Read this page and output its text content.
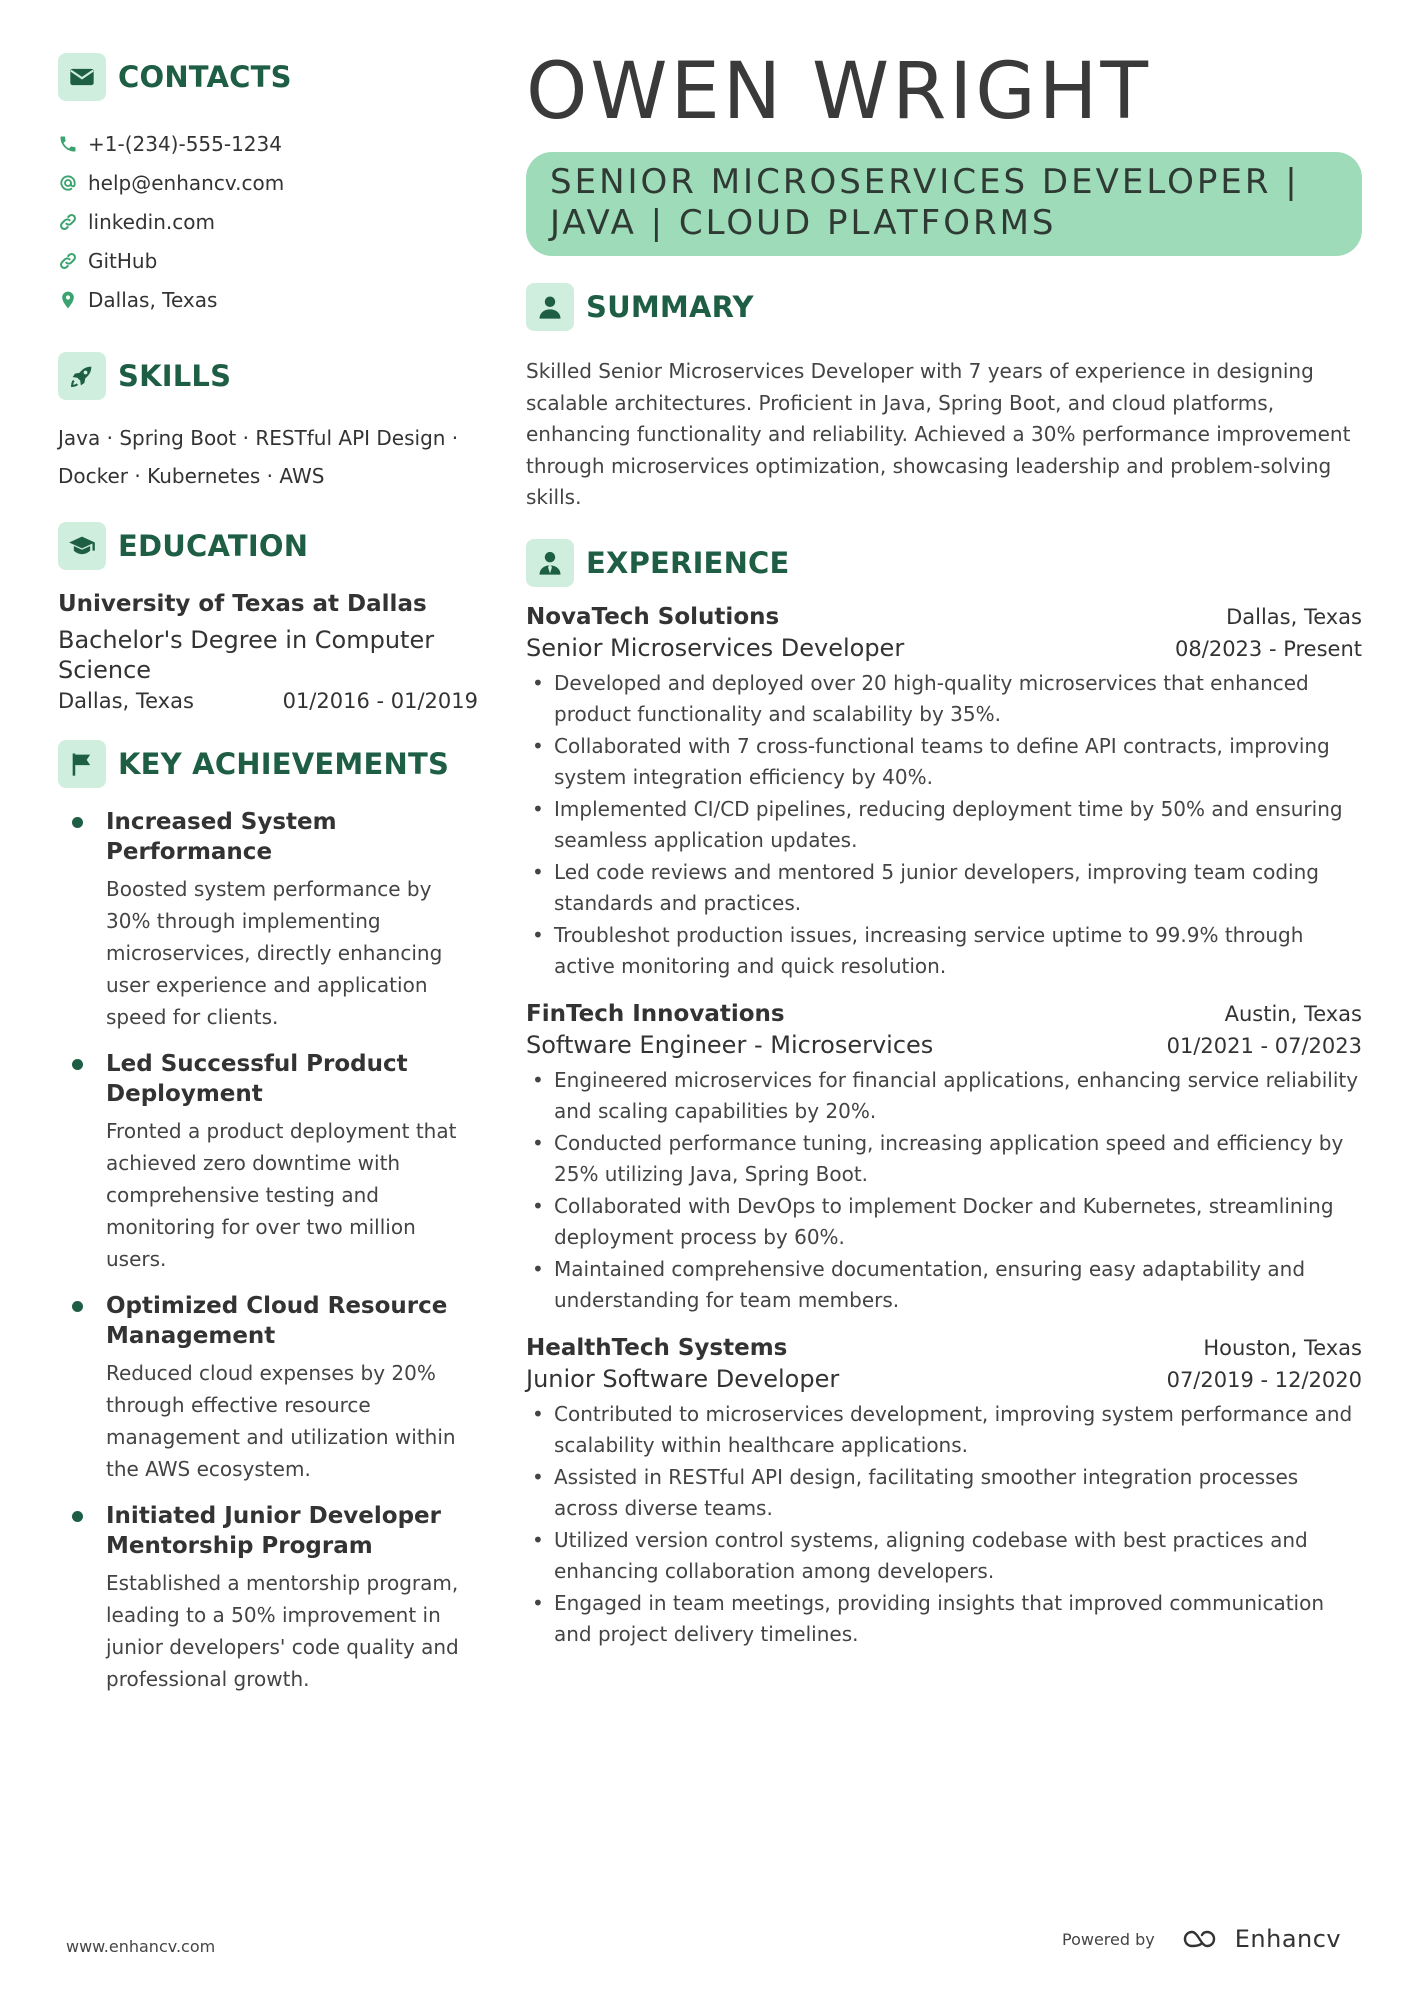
CONTACTS
+1-(234)-555-1234
help@enhancv.com
linkedin.com
GitHub
Dallas, Texas
SKILLS
Java · Spring Boot · RESTful API Design ·
Docker · Kubernetes · AWS
EDUCATION
University of Texas at Dallas
Bachelor's Degree in Computer Science
Dallas, Texas	01/2016 - 01/2019
KEY ACHIEVEMENTS
Increased System Performance
Boosted system performance by 30% through implementing microservices, directly enhancing user experience and application speed for clients.
Led Successful Product Deployment
Fronted a product deployment that achieved zero downtime with comprehensive testing and monitoring for over two million users.
Optimized Cloud Resource Management
Reduced cloud expenses by 20% through effective resource management and utilization within the AWS ecosystem.
Initiated Junior Developer Mentorship Program
Established a mentorship program, leading to a 50% improvement in junior developers' code quality and professional growth.
OWEN WRIGHT
SENIOR MICROSERVICES DEVELOPER | JAVA | CLOUD PLATFORMS
SUMMARY
Skilled Senior Microservices Developer with 7 years of experience in designing scalable architectures. Proficient in Java, Spring Boot, and cloud platforms, enhancing functionality and reliability. Achieved a 30% performance improvement through microservices optimization, showcasing leadership and problem-solving skills.
EXPERIENCE
NovaTech Solutions	Dallas, Texas
Senior Microservices Developer	08/2023 - Present
• Developed and deployed over 20 high-quality microservices that enhanced product functionality and scalability by 35%.
• Collaborated with 7 cross-functional teams to define API contracts, improving system integration efficiency by 40%.
• Implemented CI/CD pipelines, reducing deployment time by 50% and ensuring seamless application updates.
• Led code reviews and mentored 5 junior developers, improving team coding standards and practices.
• Troubleshot production issues, increasing service uptime to 99.9% through active monitoring and quick resolution.
FinTech Innovations	Austin, Texas
Software Engineer - Microservices	01/2021 - 07/2023
• Engineered microservices for financial applications, enhancing service reliability and scaling capabilities by 20%.
• Conducted performance tuning, increasing application speed and efficiency by 25% utilizing Java, Spring Boot.
• Collaborated with DevOps to implement Docker and Kubernetes, streamlining deployment process by 60%.
• Maintained comprehensive documentation, ensuring easy adaptability and understanding for team members.
HealthTech Systems	Houston, Texas
Junior Software Developer	07/2019 - 12/2020
• Contributed to microservices development, improving system performance and scalability within healthcare applications.
• Assisted in RESTful API design, facilitating smoother integration processes across diverse teams.
• Utilized version control systems, aligning codebase with best practices and enhancing collaboration among developers.
• Engaged in team meetings, providing insights that improved communication and project delivery timelines.
www.enhancv.com	Powered by	Enhancv
